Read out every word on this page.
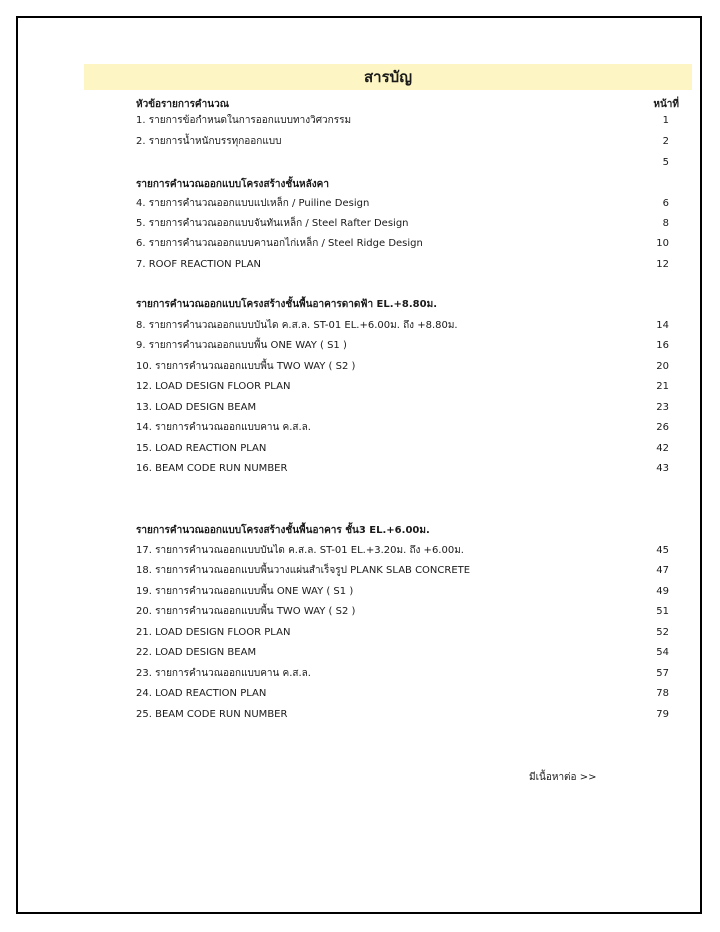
สารบัญ
หัวข้อรายการคำนวณ	หน้าที่
1. รายการข้อกำหนดในการออกแบบทางวิศวกรรม	1
2. รายการน้ำหนักบรรทุกออกแบบ	2
5
รายการคำนวณออกแบบโครงสร้างชั้นหลังคา
4. รายการคำนวณออกแบบแปเหล็ก / Puiline Design	6
5. รายการคำนวณออกแบบจันทันเหล็ก / Steel Rafter Design	8
6. รายการคำนวณออกแบบคานอกไก่เหล็ก / Steel Ridge Design	10
7. ROOF REACTION PLAN	12
รายการคำนวณออกแบบโครงสร้างชั้นพื้นอาคารดาดฟ้า EL.+8.80ม.
8. รายการคำนวณออกแบบบันได ค.ส.ล. ST-01 EL.+6.00ม. ถึง +8.80ม.	14
9. รายการคำนวณออกแบบพื้น ONE WAY ( S1 )	16
10. รายการคำนวณออกแบบพื้น TWO WAY ( S2 )	20
12. LOAD DESIGN FLOOR PLAN	21
13. LOAD DESIGN BEAM	23
14. รายการคำนวณออกแบบคาน ค.ส.ล.	26
15. LOAD REACTION PLAN	42
16. BEAM CODE RUN NUMBER	43
รายการคำนวณออกแบบโครงสร้างชั้นพื้นอาคาร ชั้น3 EL.+6.00ม.
17. รายการคำนวณออกแบบบันได ค.ส.ล. ST-01 EL.+3.20ม. ถึง +6.00ม.	45
18. รายการคำนวณออกแบบพื้นวางแผ่นสำเร็จรูป PLANK SLAB CONCRETE	47
19. รายการคำนวณออกแบบพื้น ONE WAY ( S1 )	49
20. รายการคำนวณออกแบบพื้น TWO WAY ( S2 )	51
21. LOAD DESIGN FLOOR PLAN	52
22. LOAD DESIGN BEAM	54
23. รายการคำนวณออกแบบคาน ค.ส.ล.	57
24. LOAD REACTION PLAN	78
25. BEAM CODE RUN NUMBER	79
มีเนื้อหาต่อ >>
